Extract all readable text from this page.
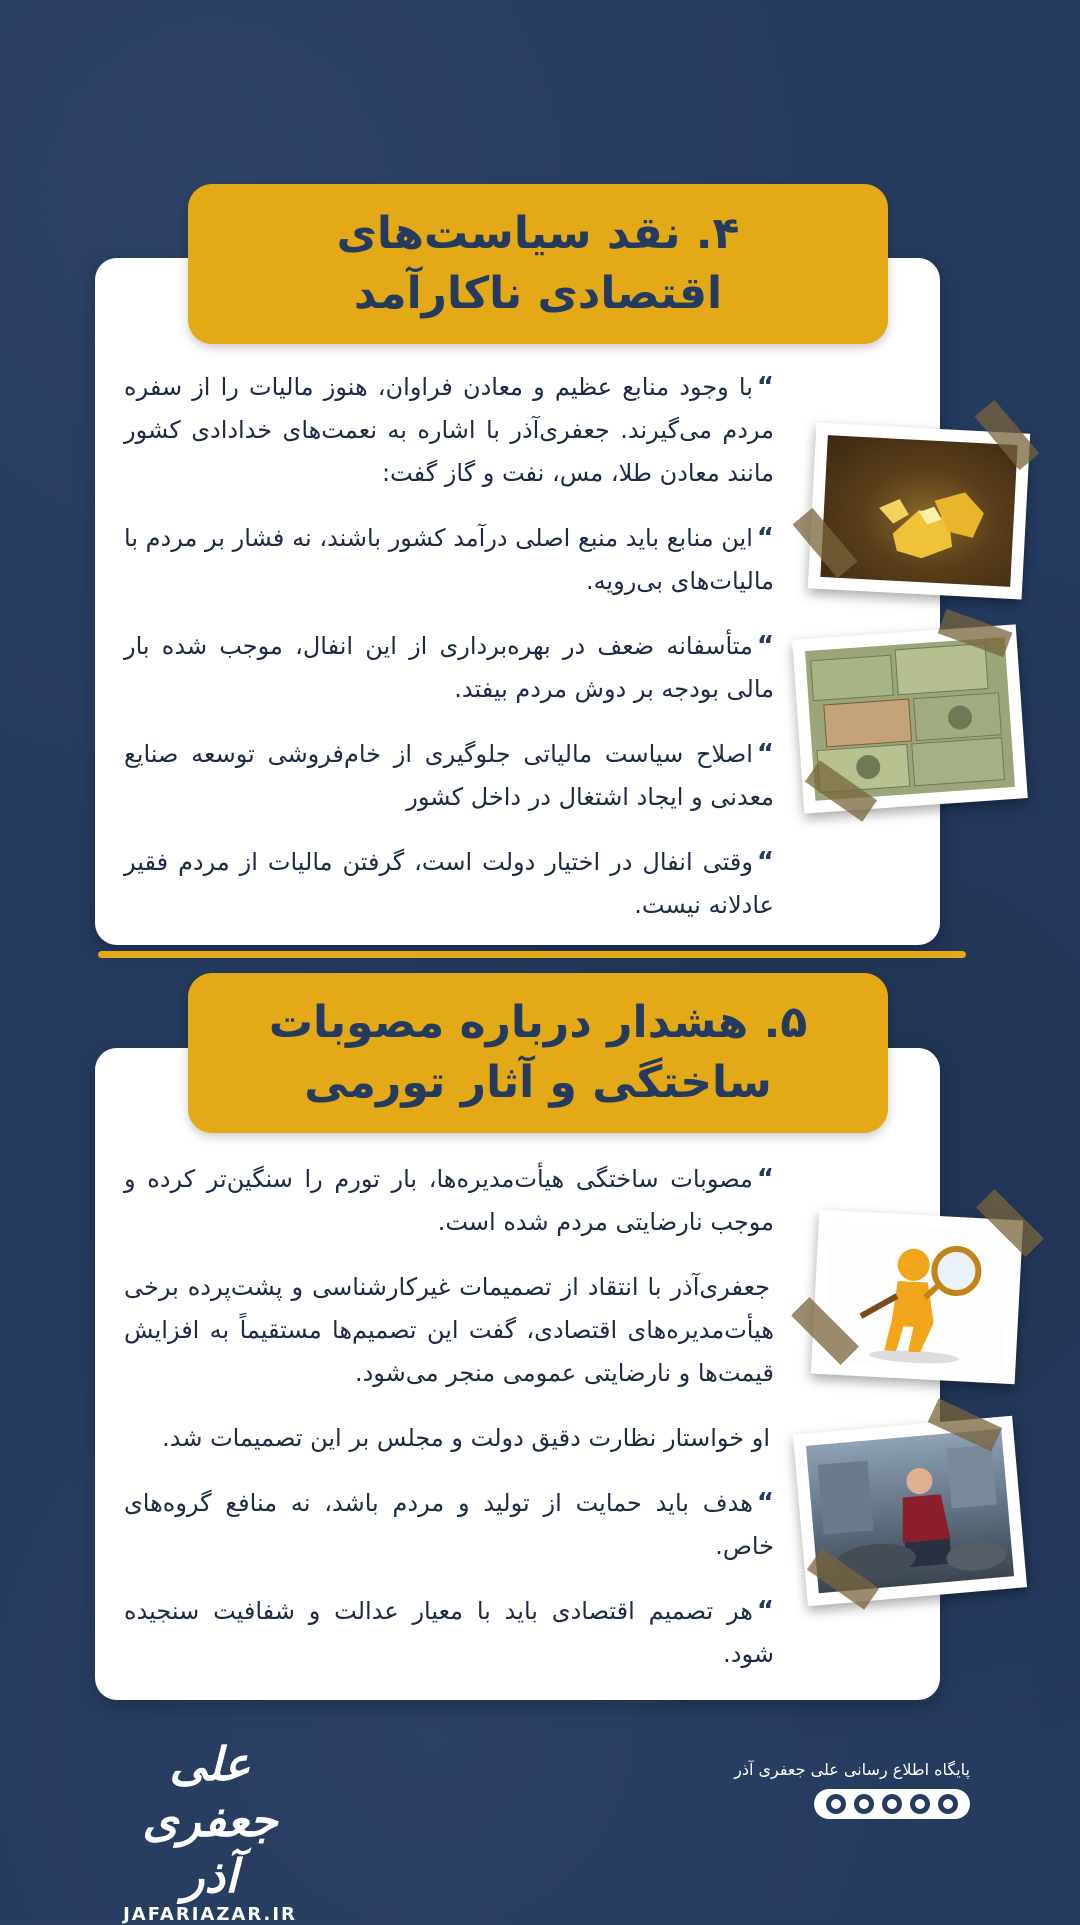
۴. نقد سیاست‌های
اقتصادی ناکارآمد

“با وجود منابع عظیم و معادن فراوان، هنوز مالیات را از سفره مردم می‌گیرند. جعفری‌آذر با اشاره به نعمت‌های خدادادی کشور مانند معادن طلا، مس، نفت و گاز گفت:

“این منابع باید منبع اصلی درآمد کشور باشند، نه فشار بر مردم با مالیات‌های بی‌رویه.

“متأسفانه ضعف در بهره‌برداری از این انفال، موجب شده بار مالی بودجه بر دوش مردم بیفتد.

“اصلاح سیاست مالیاتی جلوگیری از خام‌فروشی توسعه صنایع معدنی و ایجاد اشتغال در داخل کشور

“وقتی انفال در اختیار دولت است، گرفتن مالیات از مردم فقیر عادلانه نیست.

۵. هشدار درباره مصوبات
ساختگی و آثار تورمی

“مصوبات ساختگی هیأت‌مدیره‌ها، بار تورم را سنگین‌تر کرده و موجب نارضایتی مردم شده است.

جعفری‌آذر با انتقاد از تصمیمات غیرکارشناسی و پشت‌پرده برخی هیأت‌مدیره‌های اقتصادی، گفت این تصمیم‌ها مستقیماً به افزایش قیمت‌ها و نارضایتی عمومی منجر می‌شود.

او خواستار نظارت دقیق دولت و مجلس بر این تصمیمات شد.

“هدف باید حمایت از تولید و مردم باشد، نه منافع گروه‌های خاص.

“هر تصمیم اقتصادی باید با معیار عدالت و شفافیت سنجیده شود.

علی جعفری آذر
JAFARIAZAR.IR
پایگاه اطلاع رسانی علی جعفری آذر
